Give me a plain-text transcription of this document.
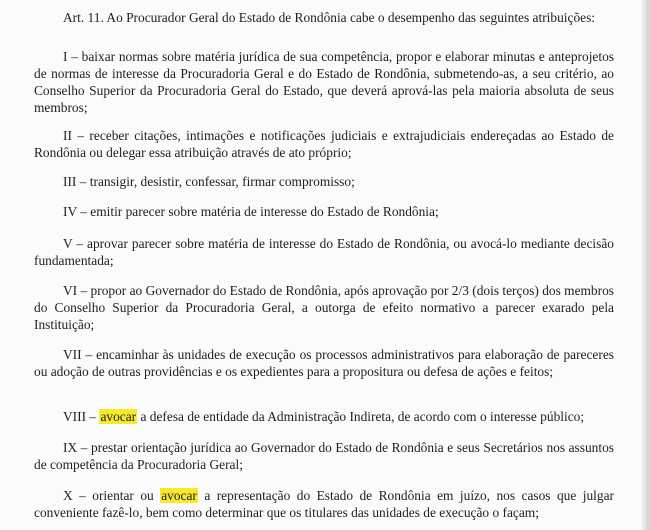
Art. 11. Ao Procurador Geral do Estado de Rondônia cabe o desempenho das seguintes atribuições:

I – baixar normas sobre matéria jurídica de sua competência, propor e elaborar minutas e anteprojetos de normas de interesse da Procuradoria Geral e do Estado de Rondônia, submetendo-as, a seu critério, ao Conselho Superior da Procuradoria Geral do Estado, que deverá aprová-las pela maioria absoluta de seus membros;

II – receber citações, intimações e notificações judiciais e extrajudiciais endereçadas ao Estado de Rondônia ou delegar essa atribuição através de ato próprio;

III – transigir, desistir, confessar, firmar compromisso;

IV – emitir parecer sobre matéria de interesse do Estado de Rondônia;

V – aprovar parecer sobre matéria de interesse do Estado de Rondônia, ou avocá-lo mediante decisão fundamentada;

VI – propor ao Governador do Estado de Rondônia, após aprovação por 2/3 (dois terços) dos membros do Conselho Superior da Procuradoria Geral, a outorga de efeito normativo a parecer exarado pela Instituição;

VII – encaminhar às unidades de execução os processos administrativos para elaboração de pareceres ou adoção de outras providências e os expedientes para a propositura ou defesa de ações e feitos;

VIII – avocar a defesa de entidade da Administração Indireta, de acordo com o interesse público;

IX – prestar orientação jurídica ao Governador do Estado de Rondônia e seus Secretários nos assuntos de competência da Procuradoria Geral;

X – orientar ou avocar a representação do Estado de Rondônia em juízo, nos casos que julgar conveniente fazê-lo, bem como determinar que os titulares das unidades de execução o façam;
